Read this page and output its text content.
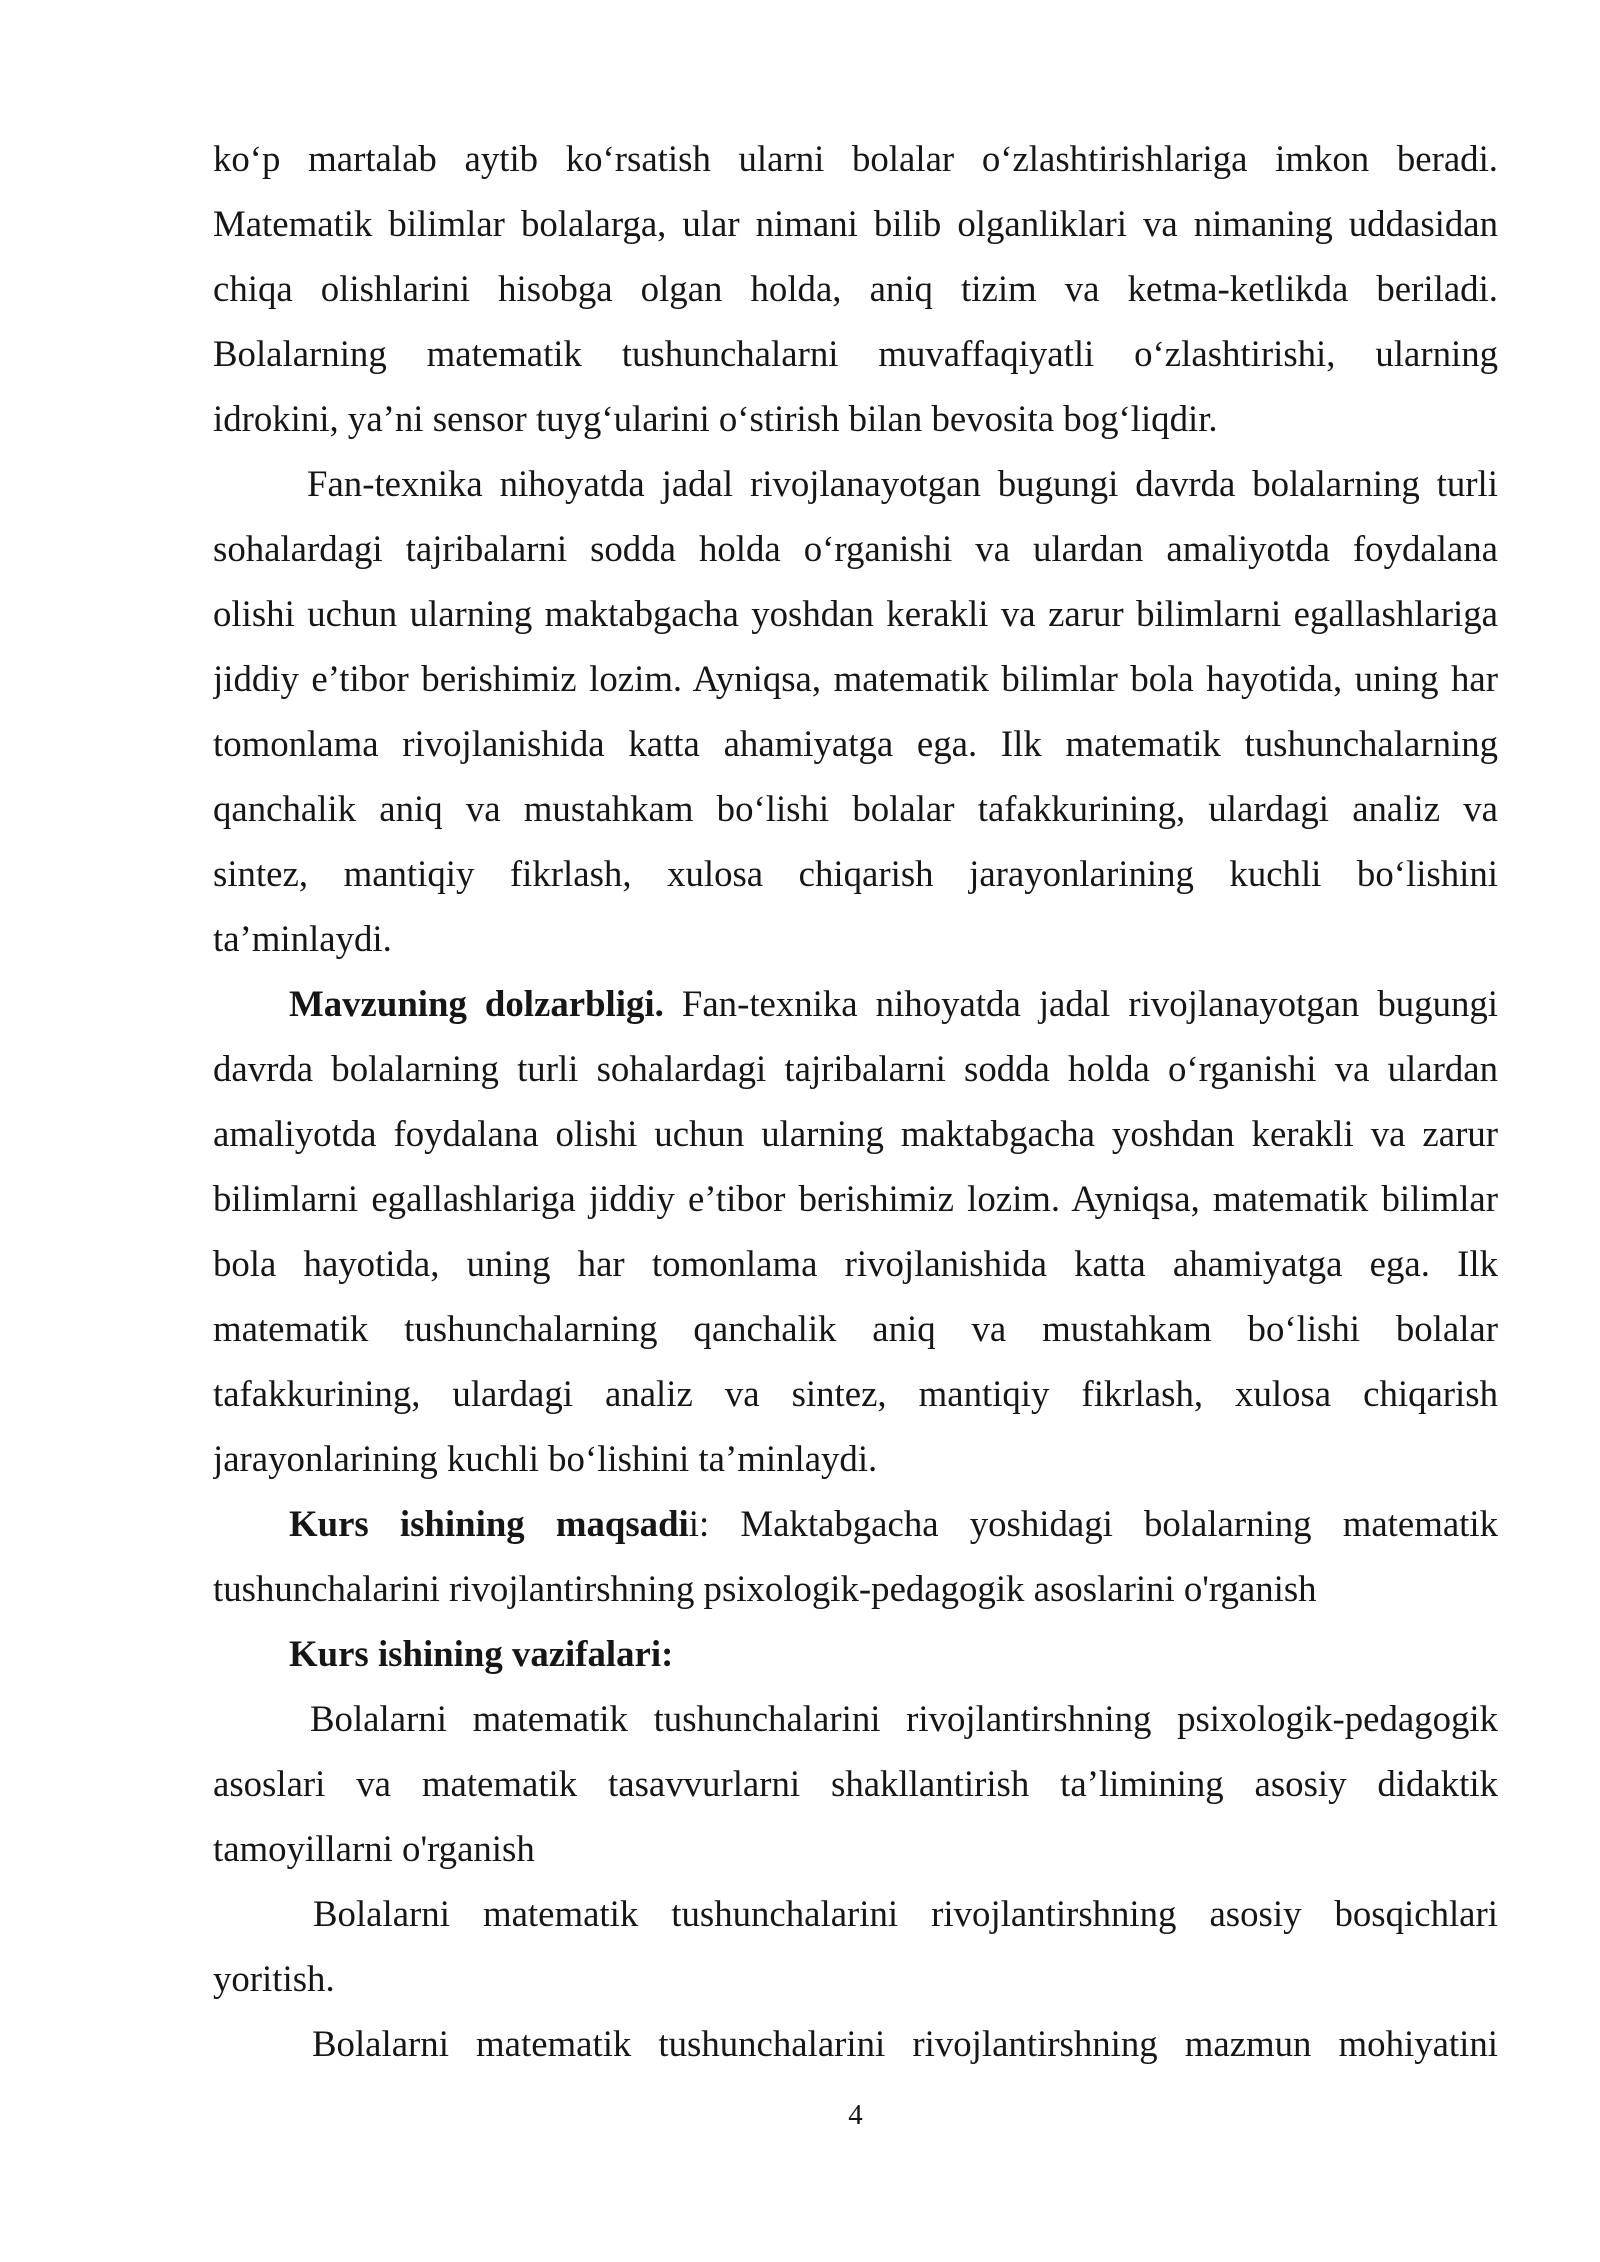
ko‘p martalab aytib ko‘rsatish ularni bolalar o‘zlashtirishlariga imkon beradi.
Matematik bilimlar bolalarga, ular nimani bilib olganliklari va nimaning uddasidan
chiqa olishlarini hisobga olgan holda, aniq tizim va ketma-ketlikda beriladi.
Bolalarning matematik tushunchalarni muvaffaqiyatli o‘zlashtirishi, ularning
idrokini, ya’ni sensor tuyg‘ularini o‘stirish bilan bevosita bog‘liqdir.
Fan-texnika nihoyatda jadal rivojlanayotgan bugungi davrda bolalarning turli
sohalardagi tajribalarni sodda holda o‘rganishi va ulardan amaliyotda foydalana
olishi uchun ularning maktabgacha yoshdan kerakli va zarur bilimlarni egallashlariga
jiddiy e’tibor berishimiz lozim. Ayniqsa, matematik bilimlar bola hayotida, uning har
tomonlama rivojlanishida katta ahamiyatga ega. Ilk matematik tushunchalarning
qanchalik aniq va mustahkam bo‘lishi bolalar tafakkurining, ulardagi analiz va
sintez, mantiqiy fikrlash, xulosa chiqarish jarayonlarining kuchli bo‘lishini
ta’minlaydi.
Mavzuning dolzarbligi. Fan-texnika nihoyatda jadal rivojlanayotgan bugungi
davrda bolalarning turli sohalardagi tajribalarni sodda holda o‘rganishi va ulardan
amaliyotda foydalana olishi uchun ularning maktabgacha yoshdan kerakli va zarur
bilimlarni egallashlariga jiddiy e’tibor berishimiz lozim. Ayniqsa, matematik bilimlar
bola hayotida, uning har tomonlama rivojlanishida katta ahamiyatga ega. Ilk
matematik tushunchalarning qanchalik aniq va mustahkam bo‘lishi bolalar
tafakkurining, ulardagi analiz va sintez, mantiqiy fikrlash, xulosa chiqarish
jarayonlarining kuchli bo‘lishini ta’minlaydi.
Kurs ishining maqsadii: Maktabgacha yoshidagi bolalarning matematik
tushunchalarini rivojlantirshning psixologik-pedagogik asoslarini o'rganish
Kurs ishining vazifalari:
Bolalarni matematik tushunchalarini rivojlantirshning psixologik-pedagogik
asoslari va matematik tasavvurlarni shakllantirish ta’limining asosiy didaktik
tamoyillarni o'rganish
Bolalarni matematik tushunchalarini rivojlantirshning asosiy bosqichlari
yoritish.
Bolalarni matematik tushunchalarini rivojlantirshning mazmun mohiyatini
4
